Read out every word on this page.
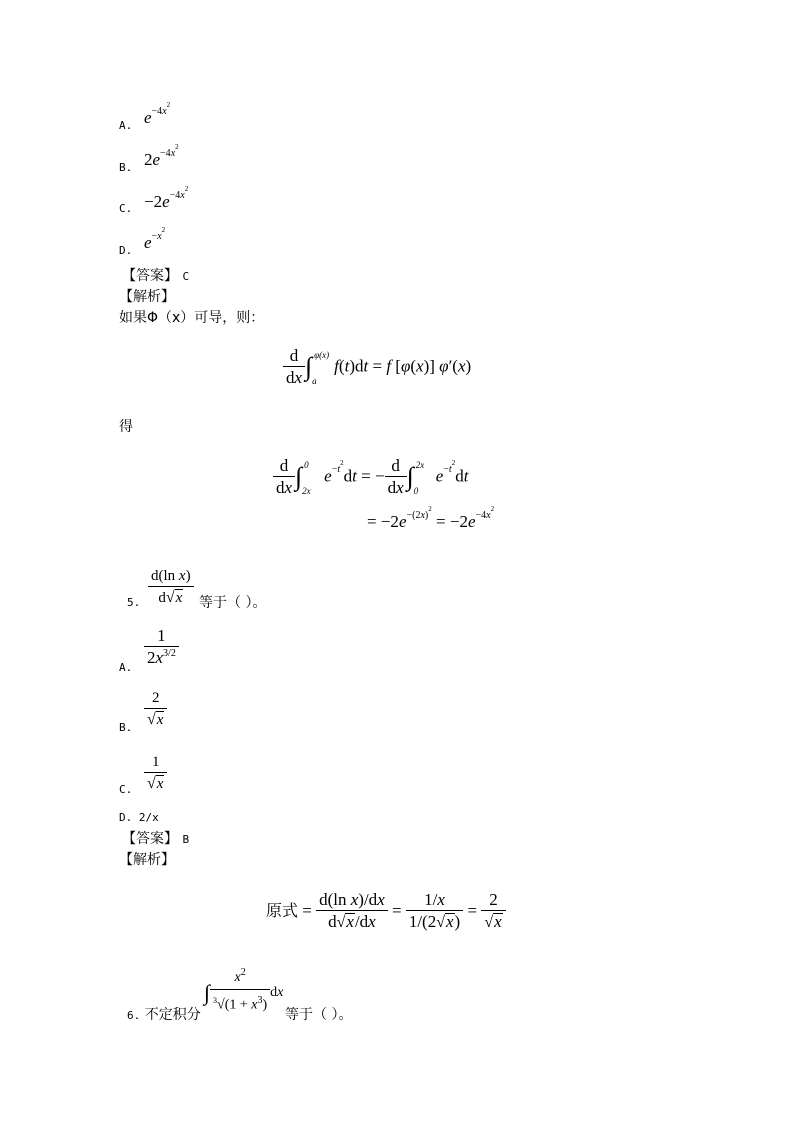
A. $e^{-4x^2}$
B. $2e^{-4x^2}$
C. $-2e^{-4x^2}$
D. $e^{-x^2}$
【答案】 C
【解析】
如果Φ（x）可导，则：
$\frac{d}{dx}$ ∫ φ(x)
a
f(t)dt = f [φ(x)] φ′(x)
得
$\frac{d}{dx}$ ∫ 0
2x
$e^{-t^2}dt$ = − $\frac{d}{dx}$ ∫ 2x
0
$e^{-t^2}dt$
= $-2e^{-(2x)^2} = -2e^{-4x^2}$
5. $\frac{\text{d(ln x)}}{d√x}$ 等于（ ）。
A. $\frac{1}{2x^{3/2}}$
B. $\frac{2}{√x}$
C. $\frac{1}{√x}$
D. 2/x
【答案】 B
【解析】
原式 = $\frac{\text{d(ln x)/dx}}{d√x/dx} = \frac{1/x}{1/(2√x)} = \frac{2}{√x}$
6. 不定积分
∫ $\frac{x^2}{^3√(1 + x^3)}$ dx
等于（ ）。
